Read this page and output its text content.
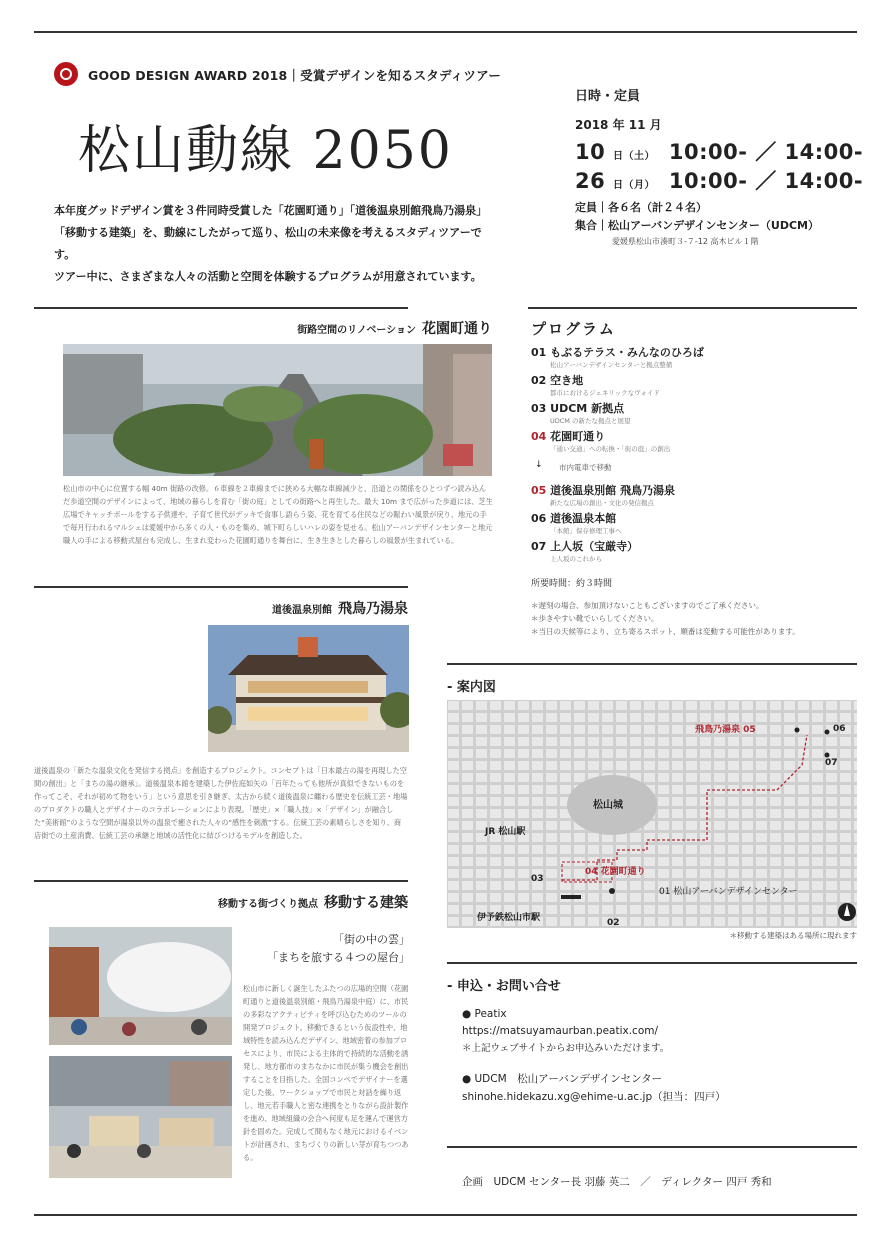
GOOD DESIGN AWARD 2018｜受賞デザインを知るスタディツアー
松山動線 2050

本年度グッドデザイン賞を３件同時受賞した「花園町通り」「道後温泉別館飛鳥乃湯泉」

「移動する建築」を、動線にしたがって巡り、松山の未来像を考えるスタディツアーです。

ツアー中に、さまざまな人々の活動と空間を体験するプログラムが用意されています。

日時・定員
2018 年 11 月
10 日（土） 10:00- ／ 14:00-
26 日（月） 10:00- ／ 14:00-
定員｜各６名（計２４名）
集合｜松山アーバンデザインセンター（UDCM）
愛媛県松山市湊町３-７-12 高木ビル１階
街路空間のリノベーション 花園町通り
松山市の中心に位置する幅 40m 街路の改修。６車線を２車線までに狭める大幅な車線減少と、沿道との関係をひとつずつ読み込んだ歩道空間のデザインによって、地域の暮らしを育む「街の庭」としての街路へと再生した。最大 10m まで広がった歩道には、芝生広場でキャッチボールをする子供達や、子育て世代がデッキで食事し語らう姿、花を育てる住民などの賑わい風景が戻り、地元の手で毎月行われるマルシェは愛媛中から多くの人・ものを集め、城下町らしいハレの姿を見せる。松山アーバンデザインセンターと地元職人の手による移動式屋台も完成し、生まれ変わった花園町通りを舞台に、生き生きとした暮らしの風景が生まれている。
道後温泉別館 飛鳥乃湯泉
道後温泉の「新たな温泉文化を発信する拠点」を創造するプロジェクト。コンセプトは「日本最古の湯を再現した空間の創出」と「まちの湯の継承」。道後温泉本館を建築した伊佐庭如矢の「百年たっても他所が真似できないものを作ってこそ、それが初めて物をいう」という意思を引き継ぎ、太古から続く道後温泉に纏わる歴史を伝統工芸・地場のプロダクトの職人とデザイナーのコラボレーションにより表現。「歴史」×「職人技」×「デザイン」が融合した“美術館”のような空間が湯泉以外の温泉で癒された人々の“感性を刺激”する。伝統工芸の素晴らしさを知り、商店街での土産消費、伝統工芸の承継と地域の活性化に結びつけるモデルを創造した。
移動する街づくり拠点 移動する建築
「街の中の雲」
「まちを旅する４つの屋台」
松山市に新しく誕生したふたつの広場的空間（花園町通りと道後温泉別館・飛鳥乃湯泉中庭）に、市民の多彩なアクティビティを呼び込むためのツールの開発プロジェクト。移動できるという仮設性や、地域特性を読み込んだデザイン、地域密着の参加プロセスにより、市民による主体的で持続的な活動を誘発し、地方都市のまちなかに市民が集う機会を創出することを目指した。全国コンペでデザイナーを選定した後、ワークショップで市民と対話を繰り返し、地元若手職人と密な連携をとりながら設計製作を進め、地域組織の会合へ何度も足を運んで運営方針を固めた。完成して間もなく地元におけるイベントが計画され、まちづくりの新しい芽が育ちつつある。
プログラム
01 もぶるテラス・みんなのひろば
松山アーバンデザインセンターと拠点整備
02 空き地
都市におけるジェネリックなヴォイド
03 UDCM 新拠点
UDCM の新たな拠点と展望
04 花園町通り
「通い交通」への転換・「街の庭」の創出
↓ 市内電車で移動
05 道後温泉別館 飛鳥乃湯泉
新たな広場の創出・文化の発信拠点
06 道後温泉本館
「本館」保存修理工事へ
07 上人坂（宝厳寺）
上人坂のこれから
所要時間：約３時間
＊遅刻の場合、参加頂けないこともございますのでご了承ください。
＊歩きやすい靴でいらしてください。
＊当日の天候等により、立ち寄るスポット、順番は変動する可能性があります。
- 案内図
飛鳥乃湯泉 05	06
07
松山城
JR 松山駅
04 花園町通り
03
01 松山アーバンデザインセンター
伊予鉄松山市駅	02
＊移動する建築はある場所に現れます
- 申込・お問い合せ
● Peatix
https://matsuyamaurban.peatix.com/
＊上記ウェブサイトからお申込みいただけます。
● UDCM　松山アーバンデザインセンター
shinohe.hidekazu.xg@ehime-u.ac.jp（担当：四戸）
企画　UDCM センター長 羽藤 英二　／　ディレクター 四戸 秀和
